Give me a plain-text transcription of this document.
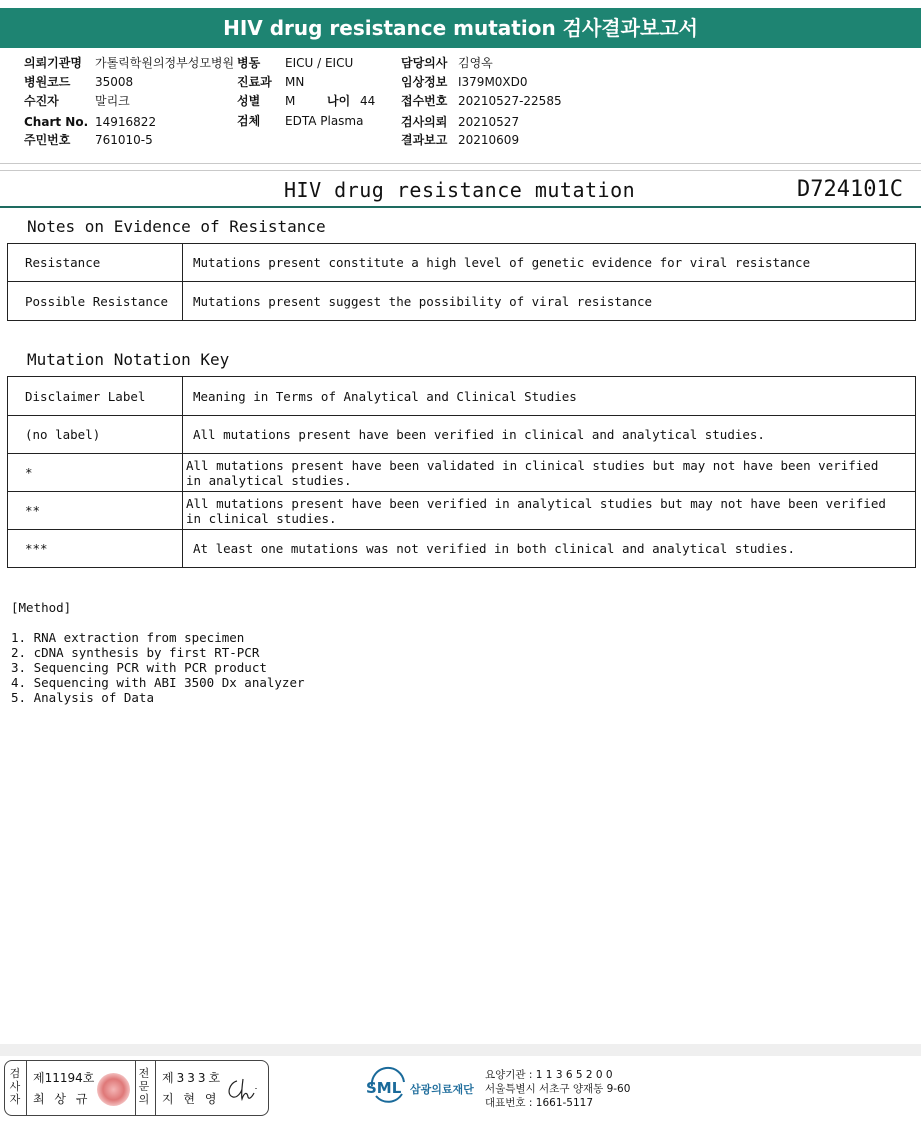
HIV drug resistance mutation 검사결과보고서
의뢰기관명 가톨릭학원의정부성모병원
병원코드 35008
수진자	말리크
Chart No. 14916822
주민번호 761010-5
병동 EICU / EICU
진료과 MN
성별 M	나이 44
검체 EDTA Plasma
담당의사 김영옥
임상정보 I379M0XD0
접수번호 20210527-22585
검사의뢰 20210527
결과보고 20210609
HIV drug resistance mutation	D724101C
Notes on Evidence of Resistance
Resistance	Mutations present constitute a high level of genetic evidence for viral resistance
Possible Resistance	Mutations present suggest the possibility of viral resistance
Mutation Notation Key
Disclaimer Label	Meaning in Terms of Analytical and Clinical Studies
(no label)	All mutations present have been verified in clinical and analytical studies.
*	All mutations present have been validated in clinical studies but may not have been verified in analytical studies.
**	All mutations present have been verified in analytical studies but may not have been verified in clinical studies.
***	At least one mutations was not verified in both clinical and analytical studies.
[Method]
1. RNA extraction from specimen
2. cDNA synthesis by first RT-PCR
3. Sequencing PCR with PCR product
4. Sequencing with ABI 3500 Dx analyzer
5. Analysis of Data
검
사
자
제11194호
최 상 규
전
문
의
제333호
지 현 영
SML 삼광의료재단
요양기관 : 1 1 3 6 5 2 0 0
서울특별시 서초구 양재동 9-60
대표번호 : 1661-5117
